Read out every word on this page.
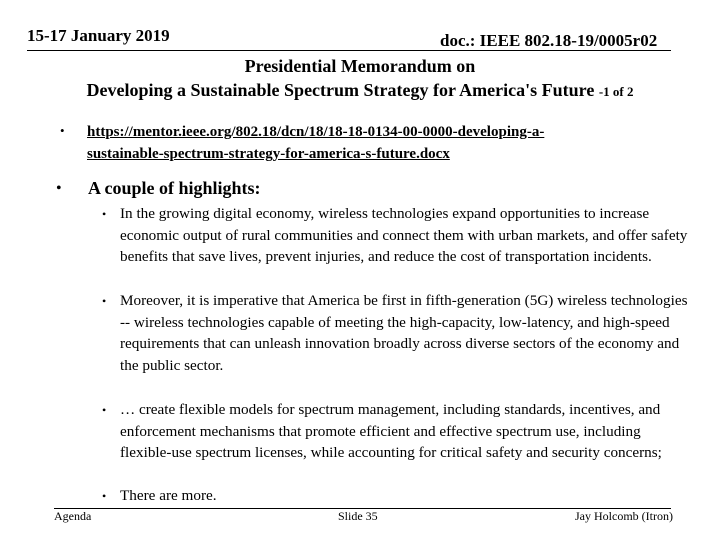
15-17 January 2019	doc.: IEEE 802.18-19/0005r02
Presidential Memorandum on
Developing a Sustainable Spectrum Strategy for America's Future -1 of 2
• https://mentor.ieee.org/802.18/dcn/18/18-18-0134-00-0000-developing-a-
sustainable-spectrum-strategy-for-america-s-future.docx
• A couple of highlights:
• In the growing digital economy, wireless technologies expand opportunities to increase economic output of rural communities and connect them with urban markets, and offer safety benefits that save lives, prevent injuries, and reduce the cost of transportation incidents.
• Moreover, it is imperative that America be first in fifth-generation (5G) wireless technologies -- wireless technologies capable of meeting the high-capacity, low-latency, and high-speed requirements that can unleash innovation broadly across diverse sectors of the economy and the public sector.
• … create flexible models for spectrum management, including standards, incentives, and enforcement mechanisms that promote efficient and effective spectrum use, including flexible-use spectrum licenses, while accounting for critical safety and security concerns;
• There are more.
Agenda	Slide 35	Jay Holcomb (Itron)
